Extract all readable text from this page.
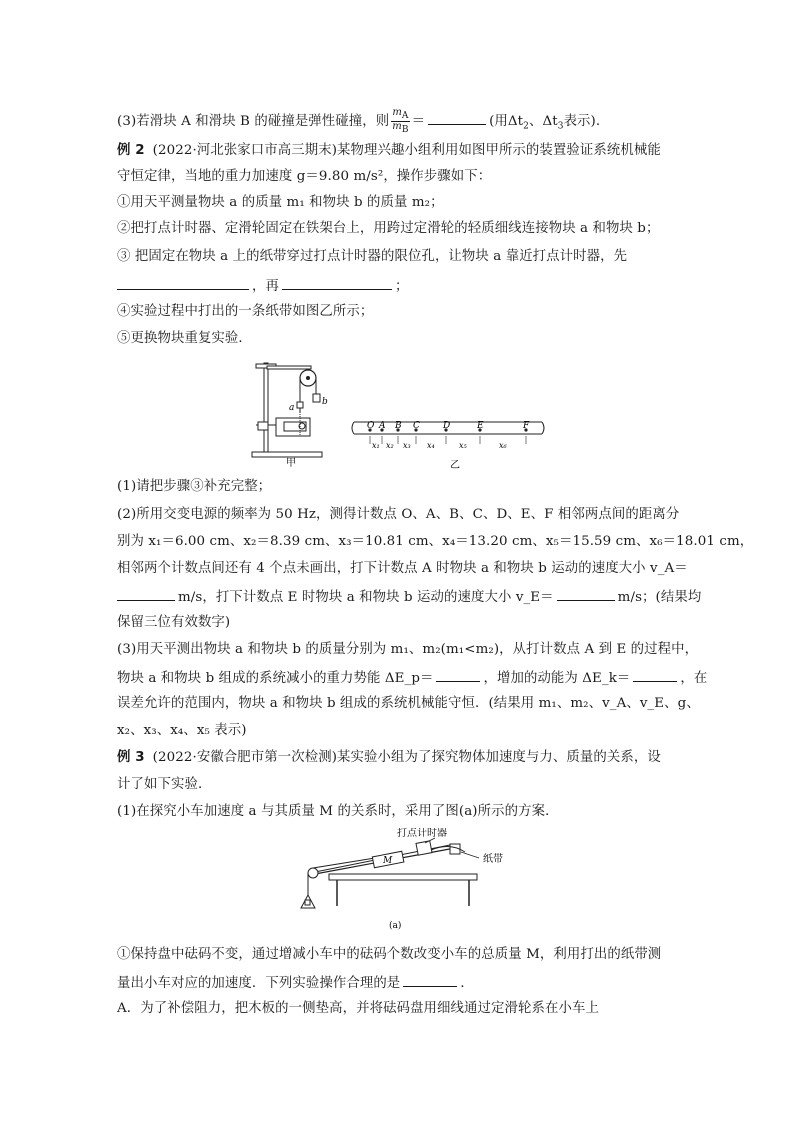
(3)若滑块 A 和滑块 B 的碰撞是弹性碰撞，则 $\frac{m_A}{m_B}$ ＝	(用$\Delta t_2$、$\Delta t_3$表示).
例 2 (2022·河北张家口市高三期末)某物理兴趣小组利用如图甲所示的装置验证系统机械能
守恒定律，当地的重力加速度 g＝9.80 m/s²，操作步骤如下：
①用天平测量物块 a 的质量 m₁ 和物块 b 的质量 m₂；
②把打点计时器、定滑轮固定在铁架台上，用跨过定滑轮的轻质细线连接物块 a 和物块 b；
③ 把固定在物块 a 上的纸带穿过打点计时器的限位孔，让物块 a 靠近打点计时器，先
，再	；
④实验过程中打出的一条纸带如图乙所示；
⑤更换物块重复实验．
b
a
甲
O A B C	D	E	F
x₁ x₂ x₃ x₄	x₅	x₆
乙
(1)请把步骤③补充完整；
(2)所用交变电源的频率为 50 Hz，测得计数点 O、A、B、C、D、E、F 相邻两点间的距离分
别为 x₁＝6.00 cm、x₂＝8.39 cm、x₃＝10.81 cm、x₄＝13.20 cm、x₅＝15.59 cm、x₆＝18.01 cm，
相邻两个计数点间还有 4 个点未画出，打下计数点 A 时物块 a 和物块 b 运动的速度大小 v_A＝
m/s，打下计数点 E 时物块 a 和物块 b 运动的速度大小 v_E＝	m/s；(结果均
保留三位有效数字)
(3)用天平测出物块 a 和物块 b 的质量分别为 m₁、m₂(m₁<m₂)，从打计数点 A 到 E 的过程中，
物块 a 和物块 b 组成的系统减小的重力势能 ΔE_p＝	，增加的动能为 ΔE_k＝	，在
误差允许的范围内，物块 a 和物块 b 组成的系统机械能守恒．(结果用 m₁、m₂、v_A、v_E、g、
x₂、x₃、x₄、x₅ 表示)
例 3 (2022·安徽合肥市第一次检测)某实验小组为了探究物体加速度与力、质量的关系，设
计了如下实验．
(1)在探究小车加速度 a 与其质量 M 的关系时，采用了图(a)所示的方案．
M
打点计时器
纸带
(a)
①保持盘中砝码不变，通过增减小车中的砝码个数改变小车的总质量 M，利用打出的纸带测
量出小车对应的加速度．下列实验操作合理的是	．
A．为了补偿阻力，把木板的一侧垫高，并将砝码盘用细线通过定滑轮系在小车上
